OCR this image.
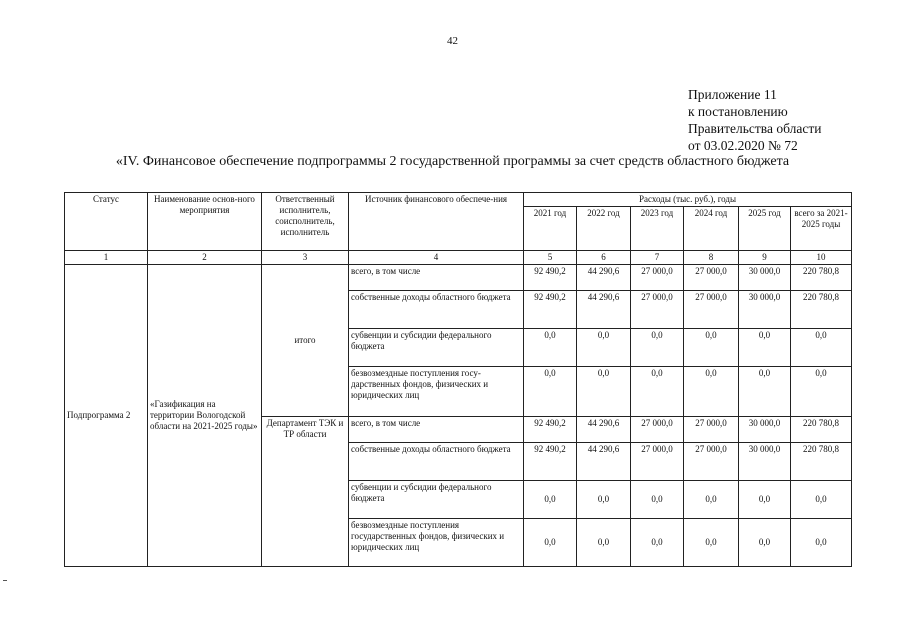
42
Приложение 11
к постановлению
Правительства области
от 03.02.2020 № 72
«IV. Финансовое обеспечение подпрограммы 2 государственной программы за счет средств областного бюджета
Статус	Наименование основ-ного мероприятия	Ответственный исполнитель, соисполнитель, исполнитель	Источник финансового обеспече-ния	Расходы (тыс. руб.), годы					
				2021 год	2022 год	2023 год	2024 год	2025 год	всего за 2021-2025 годы
1	2	3	4	5	6	7	8	9	10
Подпрограмма 2	«Газификация на территории Вологодской области на 2021-2025 годы»	итого	всего, в том числе	92 490,2	44 290,6	27 000,0	27 000,0	30 000,0	220 780,8
			собственные доходы областного бюджета	92 490,2	44 290,6	27 000,0	27 000,0	30 000,0	220 780,8
			субвенции и субсидии федерального бюджета	0,0	0,0	0,0	0,0	0,0	0,0
			безвозмездные поступления госу-дарственных фондов, физических и юридических лиц	0,0	0,0	0,0	0,0	0,0	0,0
		Департамент ТЭК и ТР области	всего, в том числе	92 490,2	44 290,6	27 000,0	27 000,0	30 000,0	220 780,8
			собственные доходы областного бюджета	92 490,2	44 290,6	27 000,0	27 000,0	30 000,0	220 780,8
			субвенции и субсидии федерального бюджета	0,0	0,0	0,0	0,0	0,0	0,0
			безвозмездные поступления государственных фондов, физических и юридических лиц	0,0	0,0	0,0	0,0	0,0	0,0
